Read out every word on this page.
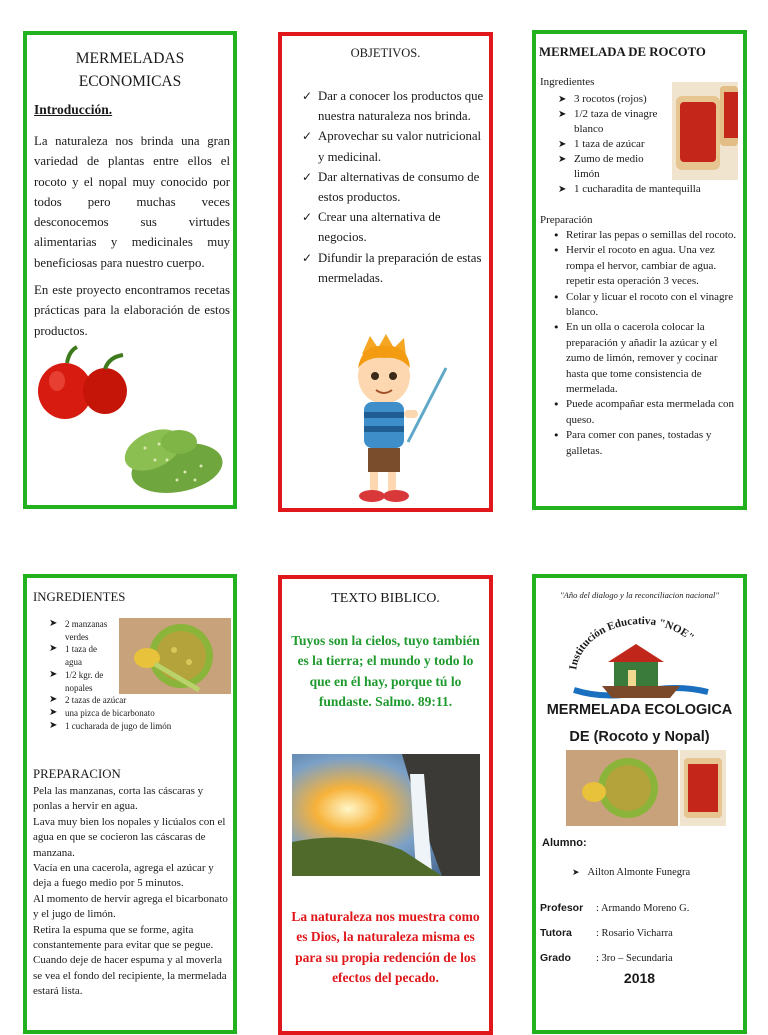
MERMELADAS ECONOMICAS
Introducción.
La naturaleza nos brinda una gran variedad de plantas entre ellos el rocoto y el nopal muy conocido por todos pero muchas veces desconocemos sus virtudes alimentarias y medicinales muy beneficiosas para nuestro cuerpo.
En este proyecto encontramos recetas prácticas para la elaboración de estos productos.
OBJETIVOS.
✓ Dar a conocer los productos que nuestra naturaleza nos brinda.
✓ Aprovechar su valor nutricional y medicinal.
✓ Dar alternativas de consumo de estos productos.
✓ Crear una alternativa de negocios.
✓ Difundir la preparación de estas mermeladas.
MERMELADA DE ROCOTO
Ingredientes
➤ 3 rocotos (rojos)
➤ 1/2 taza de vinagre blanco
➤ 1 taza de azúcar
➤ Zumo de medio limón
➤ 1 cucharadita de mantequilla
Preparación
• Retirar las pepas o semillas del rocoto.
• Hervir el rocoto en agua. Una vez rompa el hervor, cambiar de agua. repetir esta operación 3 veces.
• Colar y licuar el rocoto con el vinagre blanco.
• En un olla o cacerola colocar la preparación y añadir la azúcar y el zumo de limón, remover y cocinar hasta que tome consistencia de mermelada.
• Puede acompañar esta mermelada con queso.
• Para comer con panes, tostadas y galletas.
INGREDIENTES
➤ 2 manzanas verdes
➤ 1 taza de agua
➤ 1/2 kgr. de nopales
➤ 2 tazas de azúcar
➤ una pizca de bicarbonato
➤ 1 cucharada de jugo de limón
PREPARACION
Pela las manzanas, corta las cáscaras y ponlas a hervir en agua.
Lava muy bien los nopales y licúalos con el agua en que se cocieron las cáscaras de manzana.
Vacía en una cacerola, agrega el azúcar y deja a fuego medio por 5 minutos.
Al momento de hervir agrega el bicarbonato y el jugo de limón.
Retira la espuma que se forme, agita constantemente para evitar que se pegue.
Cuando deje de hacer espuma y al moverla se vea el fondo del recipiente, la mermelada estará lista.
TEXTO BIBLICO.
Tuyos son la cielos, tuyo también es la tierra; el mundo y todo lo que en él hay, porque tú lo fundaste. Salmo. 89:11.
La naturaleza nos muestra como es Dios, la naturaleza misma es para su propia redención de los efectos del pecado.
"Año del dialogo y la reconciliacion nacional"
Institución Educativa "NOE"
MERMELADA ECOLOGICA
DE (Rocoto y Nopal)
Alumno:
➤ Ailton Almonte Funegra
Profesor : Armando Moreno G.
Tutora : Rosario Vicharra
Grado : 3ro – Secundaria
2018
